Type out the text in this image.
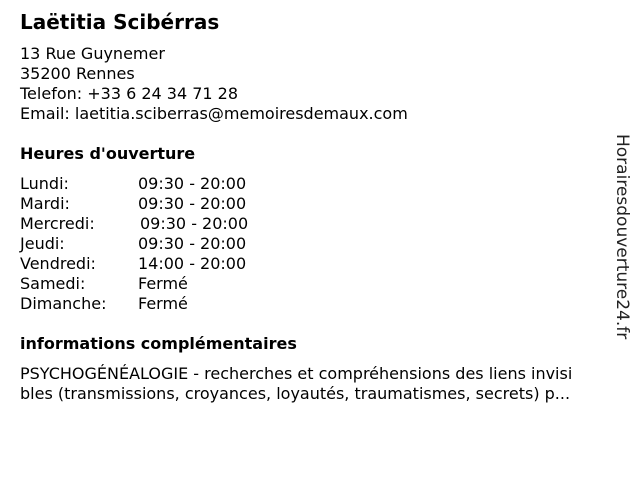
Laëtitia Scibérras
13 Rue Guynemer
35200 Rennes
Telefon: +33 6 24 34 71 28
Email: laetitia.sciberras@memoiresdemaux.com
Heures d'ouverture
Lundi:	09:30 - 20:00
Mardi:	09:30 - 20:00
Mercredi:	09:30 - 20:00
Jeudi:	09:30 - 20:00
Vendredi:	14:00 - 20:00
Samedi:	Fermé
Dimanche: Fermé
informations complémentaires
PSYCHOGÉNÉALOGIE - recherches et compréhensions des liens invisi
bles (transmissions, croyances, loyautés, traumatismes, secrets) p...
Horairesdouverture24.fr
